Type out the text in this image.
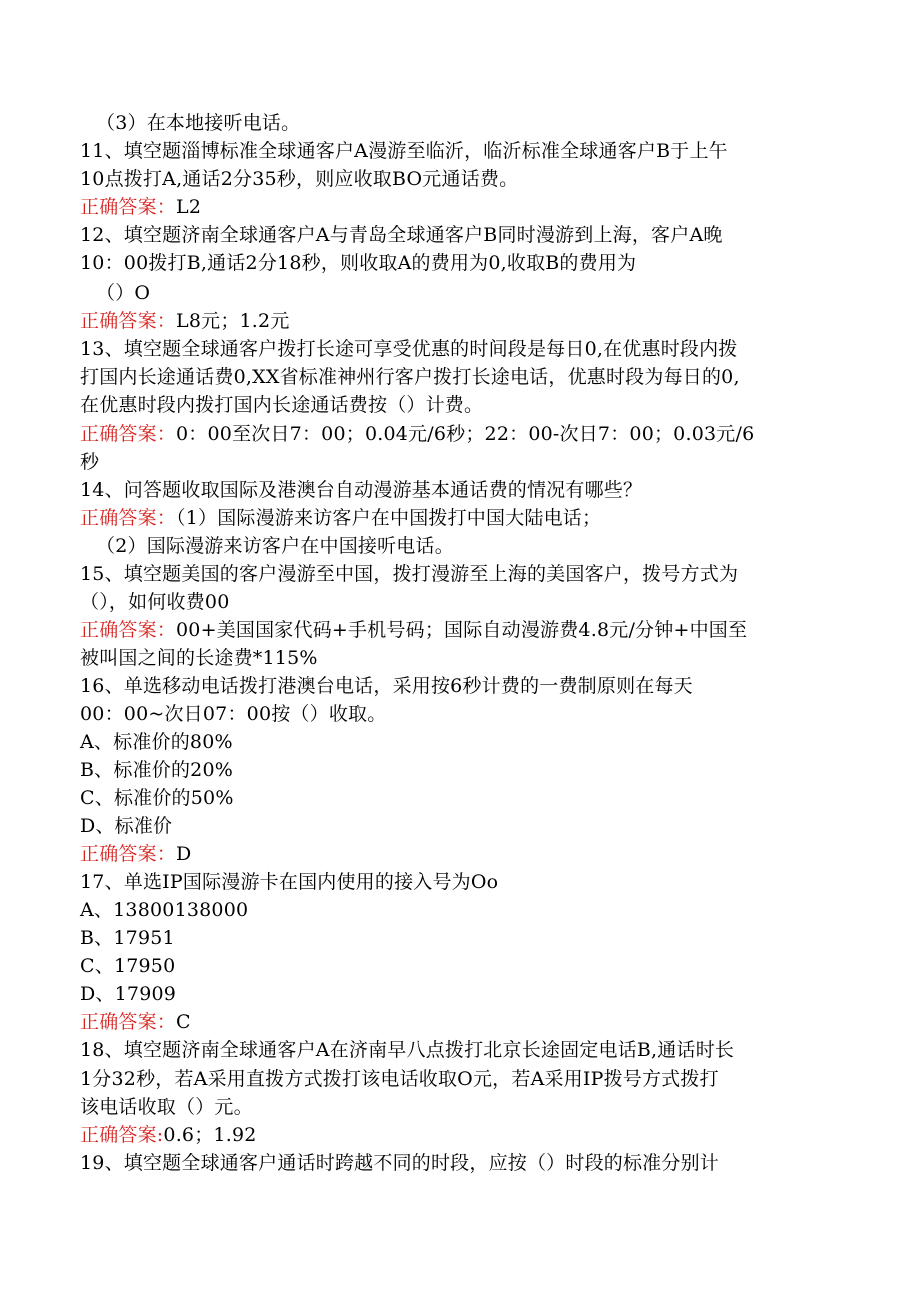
（3）在本地接听电话。
11、填空题淄博标准全球通客户A漫游至临沂，临沂标准全球通客户B于上午
10点拨打A,通话2分35秒，则应收取BO元通话费。
正确答案：L2
12、填空题济南全球通客户A与青岛全球通客户B同时漫游到上海，客户A晚
10：00拨打B,通话2分18秒，则收取A的费用为0,收取B的费用为
（）O
正确答案：L8元；1.2元
13、填空题全球通客户拨打长途可享受优惠的时间段是每日0,在优惠时段内拨
打国内长途通话费0,XX省标准神州行客户拨打长途电话，优惠时段为每日的0,
在优惠时段内拨打国内长途通话费按（）计费。
正确答案：0：00至次日7：00；0.04元/6秒；22：00-次日7：00；0.03元/6
秒
14、问答题收取国际及港澳台自动漫游基本通话费的情况有哪些？
正确答案：（1）国际漫游来访客户在中国拨打中国大陆电话；
（2）国际漫游来访客户在中国接听电话。
15、填空题美国的客户漫游至中国，拨打漫游至上海的美国客户，拨号方式为
（），如何收费00
正确答案：00+美国国家代码+手机号码；国际自动漫游费4.8元/分钟+中国至
被叫国之间的长途费*115%
16、单选移动电话拨打港澳台电话，采用按6秒计费的一费制原则在每天
00：00~次日07：00按（）收取。
A、标准价的80%
B、标准价的20%
C、标准价的50%
D、标准价
正确答案：D
17、单选IP国际漫游卡在国内使用的接入号为Oo
A、13800138000
B、17951
C、17950
D、17909
正确答案：C
18、填空题济南全球通客户A在济南早八点拨打北京长途固定电话B,通话时长
1分32秒，若A采用直拨方式拨打该电话收取O元，若A采用IP拨号方式拨打
该电话收取（）元。
正确答案:0.6；1.92
19、填空题全球通客户通话时跨越不同的时段，应按（）时段的标准分别计
